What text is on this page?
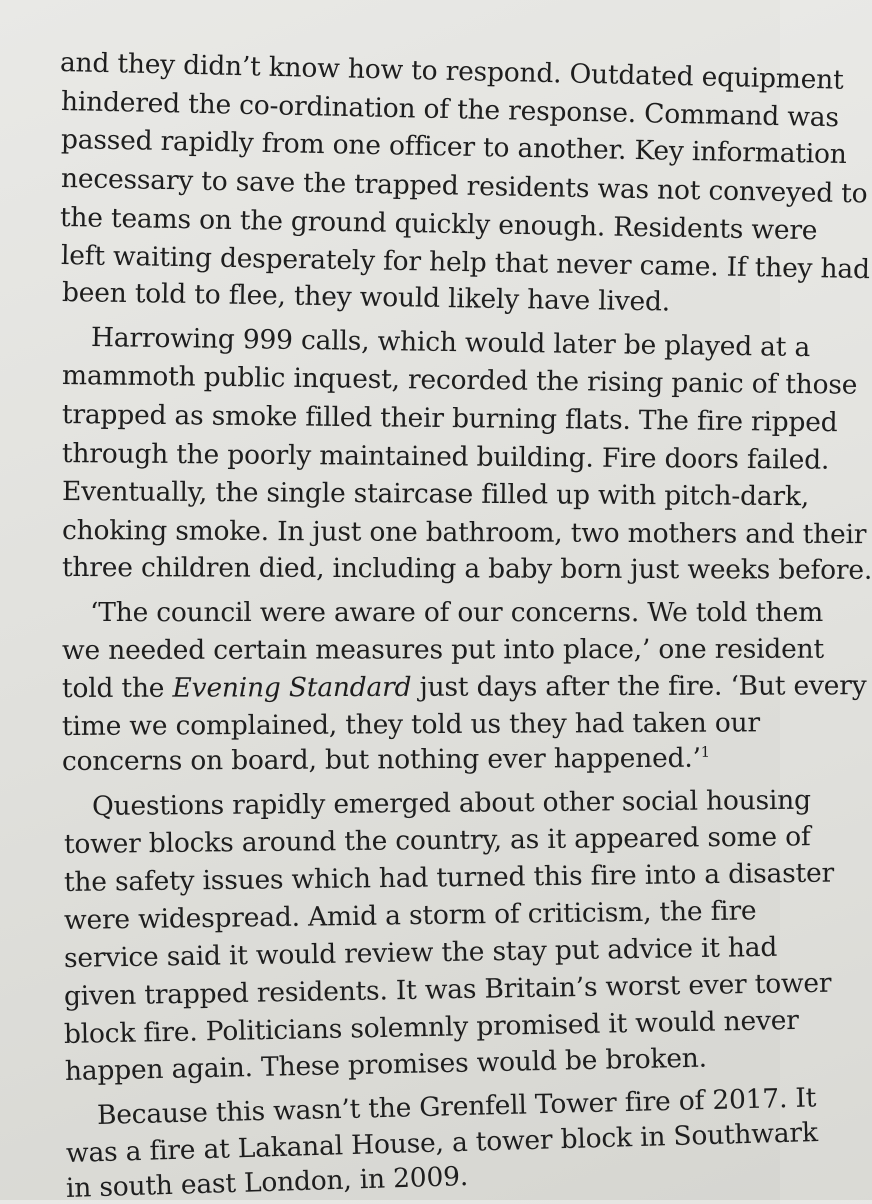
and they didn’t know how to respond. Outdated equipment
hindered the co-ordination of the response. Command was
passed rapidly from one officer to another. Key information
necessary to save the trapped residents was not conveyed to
the teams on the ground quickly enough. Residents were
left waiting desperately for help that never came. If they had
been told to flee, they would likely have lived.
Harrowing 999 calls, which would later be played at a
mammoth public inquest, recorded the rising panic of those
trapped as smoke filled their burning flats. The fire ripped
through the poorly maintained building. Fire doors failed.
Eventually, the single staircase filled up with pitch-dark,
choking smoke. In just one bathroom, two mothers and their
three children died, including a baby born just weeks before.
‘The council were aware of our concerns. We told them
we needed certain measures put into place,’ one resident
told the Evening Standard just days after the fire. ‘But every
time we complained, they told us they had taken our
concerns on board, but nothing ever happened.’$^1$
Questions rapidly emerged about other social housing
tower blocks around the country, as it appeared some of
the safety issues which had turned this fire into a disaster
were widespread. Amid a storm of criticism, the fire
service said it would review the stay put advice it had
given trapped residents. It was Britain’s worst ever tower
block fire. Politicians solemnly promised it would never
happen again. These promises would be broken.
Because this wasn’t the Grenfell Tower fire of 2017. It
was a fire at Lakanal House, a tower block in Southwark
in south east London, in 2009.
